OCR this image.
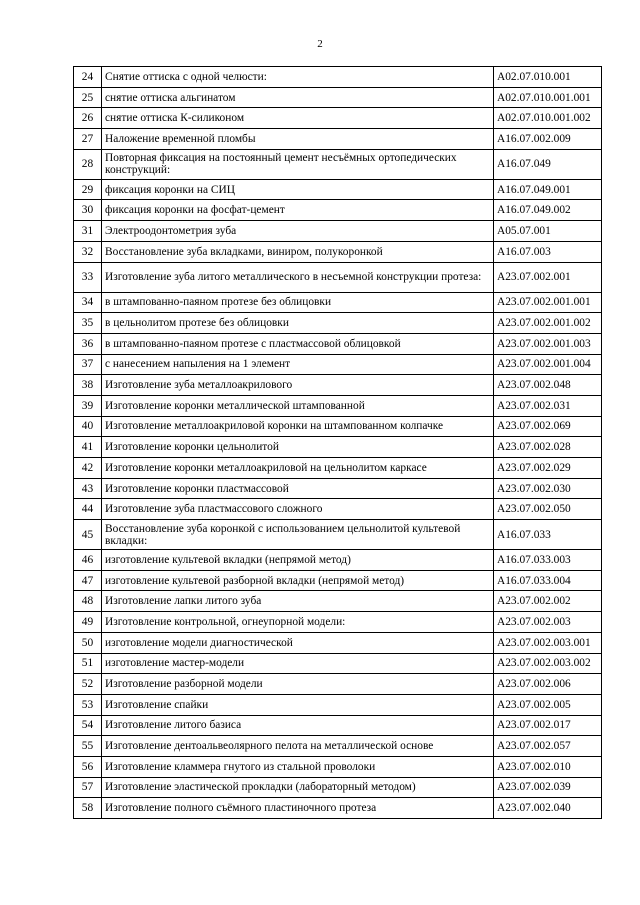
2
24	Снятие оттиска с одной челюсти:	А02.07.010.001
25	снятие оттиска альгинатом	А02.07.010.001.001
26	снятие оттиска К-силиконом	А02.07.010.001.002
27	Наложение временной пломбы	А16.07.002.009
28	Повторная фиксация на постоянный цемент несъёмных ортопедических конструкций:	А16.07.049
29	фиксация коронки на СИЦ	А16.07.049.001
30	фиксация коронки на фосфат-цемент	А16.07.049.002
31	Электроодонтометрия зуба	А05.07.001
32	Восстановление зуба вкладками, виниром, полукоронкой	А16.07.003
33	Изготовление зуба литого металлического в несъемной конструкции протеза:	А23.07.002.001
34	в штампованно-паяном протезе без облицовки	А23.07.002.001.001
35	в цельнолитом протезе без облицовки	А23.07.002.001.002
36	в штампованно-паяном протезе с пластмассовой облицовкой	А23.07.002.001.003
37	с нанесением напыления на 1 элемент	А23.07.002.001.004
38	Изготовление зуба металлоакрилового	А23.07.002.048
39	Изготовление коронки металлической штампованной	А23.07.002.031
40	Изготовление металлоакриловой коронки на штампованном колпачке	А23.07.002.069
41	Изготовление коронки цельнолитой	А23.07.002.028
42	Изготовление коронки металлоакриловой на цельнолитом каркасе	А23.07.002.029
43	Изготовление коронки пластмассовой	А23.07.002.030
44	Изготовление зуба пластмассового сложного	А23.07.002.050
45	Восстановление зуба коронкой с использованием цельнолитой культевой вкладки:	А16.07.033
46	изготовление культевой вкладки (непрямой метод)	А16.07.033.003
47	изготовление культевой разборной вкладки (непрямой метод)	А16.07.033.004
48	Изготовление лапки литого зуба	А23.07.002.002
49	Изготовление контрольной, огнеупорной модели:	А23.07.002.003
50	изготовление модели диагностической	А23.07.002.003.001
51	изготовление мастер-модели	А23.07.002.003.002
52	Изготовление разборной модели	А23.07.002.006
53	Изготовление спайки	А23.07.002.005
54	Изготовление литого базиса	А23.07.002.017
55	Изготовление дентоальвеолярного пелота на металлической основе	А23.07.002.057
56	Изготовление кламмера гнутого из стальной проволоки	А23.07.002.010
57	Изготовление эластической прокладки (лабораторный методом)	А23.07.002.039
58	Изготовление полного съёмного пластиночного протеза	А23.07.002.040
